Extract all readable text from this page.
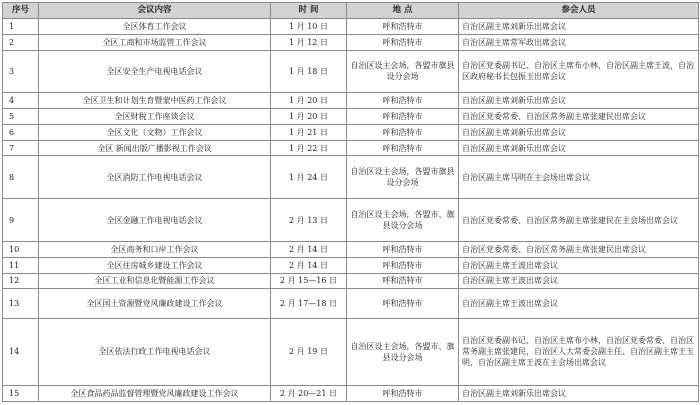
序号	会议内容	时 间	地 点	参会人员
1	全区体育工作会议	1 月 10 日	呼和浩特市	自治区副主席刘新乐出席会议
2	全区工商和市场监管工作会议	1 月 12 日	呼和浩特市	自治区副主席常军政出席会议
3	全区安全生产电视电话会议	1 月 18 日	自治区设主会场，各盟市旗县设分会场	自治区党委副书记、自治区主席布小林，自治区副主席王波，自治区政府秘书长包振玉出席会议
4	全区卫生和计划生育暨蒙中医药工作会议	1 月 20 日	呼和浩特市	自治区副主席刘新乐出席会议
5	全区财税工作座谈会议	1 月 20 日	呼和浩特市	自治区党委常委、自治区常务副主席张建民出席会议
6	全区文化（文物）工作会议	1 月 21 日	呼和浩特市	自治区副主席刘新乐出席会议
7	全区 新闻出版广播影视工作会议	1 月 22 日	呼和浩特市	自治区副主席刘新乐出席会议
8	全区消防工作电视电话会议	1 月 24 日	自治区设主会场，各盟市旗县设分会场	自治区副主席马明在主会场出席会议
9	全区金融工作电视电话会议	2 月 13 日	自治区设主会场，各盟市、旗县设分会场	自治区党委常委、自治区常务副主席张建民在主会场出席会议
10	全区商务和口岸工作会议	2 月 14 日	呼和浩特市	自治区党委常委、自治区常务副主席张建民出席会议
11	全区住房城乡建设工作会议	2 月 14 日	呼和浩特市	自治区副主席王波出席会议
12	全区工业和信息化暨能源工作会议	2 月 15—16 日	呼和浩特市	自治区副主席王波出席会议
13	全区国土资源暨党风廉政建设工作会议	2 月 17—18 日	呼和浩特市	自治区副主席王波出席会议
14	全区依法行政工作电视电话会议	2 月 19 日	自治区设主会场，各盟市、旗县设分会场	自治区党委副书记、自治区主席布小林，自治区党委常委、自治区常务副主席张建民，自治区人大常委会副主任、自治区副主席王玉明，自治区副主席王波在主会场出席会议
15	全区食品药品监督管理暨党风廉政建设工作会议	2 月 20—21 日	呼和浩特市	自治区副主席刘新乐出席会议
